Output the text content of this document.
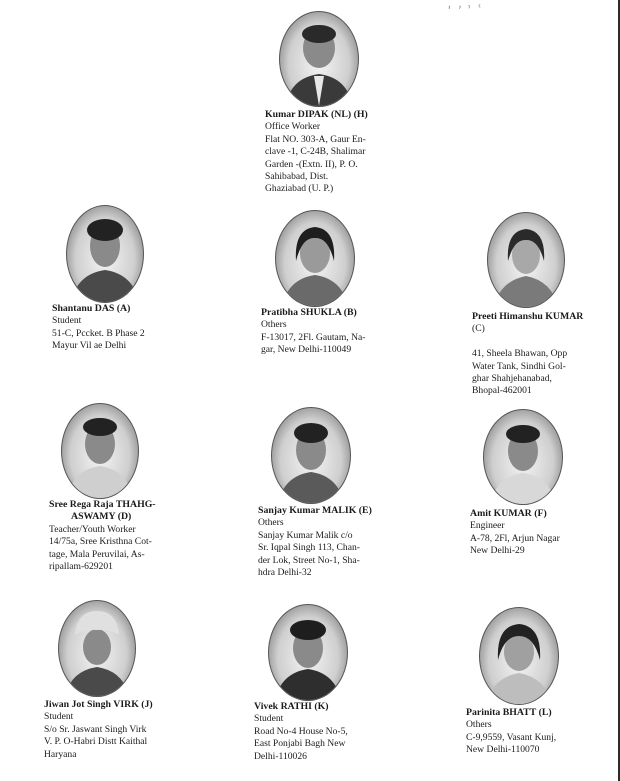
ʹ ʼ ʾ ʿ
Kumar DIPAK (NL) (H)
Office Worker
Flat NO. 303-A, Gaur En-
clave -1, C-24B, Shalimar
Garden -(Extn. II), P. O.
Sahibabad, Dist.
Ghaziabad (U. P.)
Shantanu DAS (A)
Student
51-C, Pccket. B Phase 2
Mayur Vil ae Delhi
Pratibha SHUKLA (B)
Others
F-13017, 2Fl. Gautam, Na-
gar, New Delhi-110049
Preeti Himanshu KUMAR
(C)
41, Sheela Bhawan, Opp
Water Tank, Sindhi Gol-
ghar Shahjehanabad,
Bhopal-462001
Sree Rega Raja THAHG-
ASWAMY (D)
Teacher/Youth Worker
14/75a, Sree Kristhna Cot-
tage, Mala Peruvilai, As-
ripallam-629201
Sanjay Kumar MALIK (E)
Others
Sanjay Kumar Malik c/o
Sr. Iqpal Singh 113, Chan-
der Lok, Street No-1, Sha-
hdra Delhi-32
Amit KUMAR (F)
Engineer
A-78, 2Fl, Arjun Nagar
New Delhi-29
Jiwan Jot Singh VIRK (J)
Student
S/o Sr. Jaswant Singh Virk
V. P. O-Habri Distt Kaithal
Haryana
Vivek RATHI (K)
Student
Road No-4 House No-5,
East Ponjabi Bagh New
Delhi-110026
Parinita BHATT (L)
Others
C-9,9559, Vasant Kunj,
New Delhi-110070
